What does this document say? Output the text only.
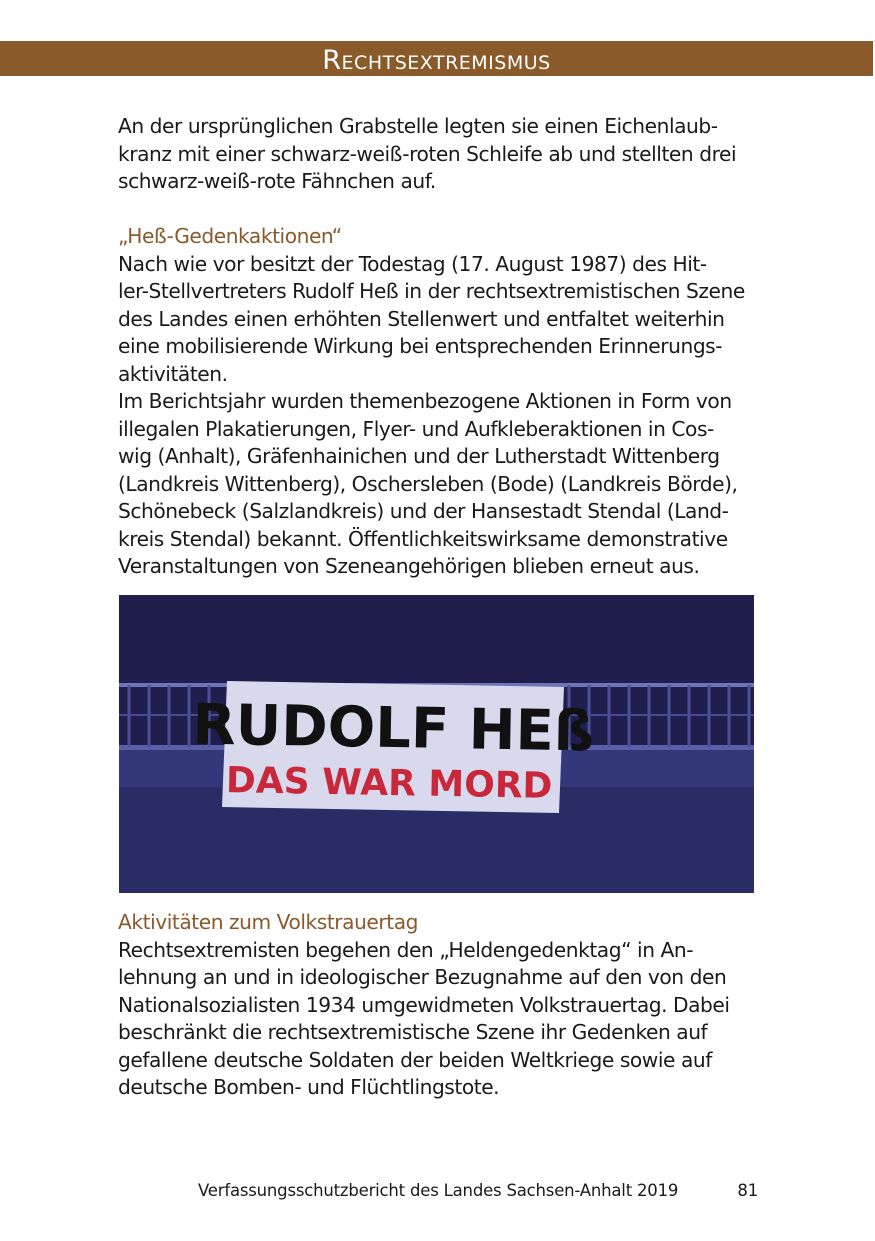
Rechtsextremismus

An der ursprünglichen Grabstelle legten sie einen Eichenlaub-

kranz mit einer schwarz-weiß-roten Schleife ab und stellten drei

schwarz-weiß-rote Fähnchen auf.

„Heß-Gedenkaktionen“

Nach wie vor besitzt der Todestag (17. August 1987) des Hit-

ler-Stellvertreters Rudolf Heß in der rechtsextremistischen Szene

des Landes einen erhöhten Stellenwert und entfaltet weiterhin

eine mobilisierende Wirkung bei entsprechenden Erinnerungs-

aktivitäten.

Im Berichtsjahr wurden themenbezogene Aktionen in Form von

illegalen Plakatierungen, Flyer- und Aufkleberaktionen in Cos-

wig (Anhalt), Gräfenhainichen und der Lutherstadt Wittenberg

(Landkreis Wittenberg), Oschersleben (Bode) (Landkreis Börde),

Schönebeck (Salzlandkreis) und der Hansestadt Stendal (Land-

kreis Stendal) bekannt. Öffentlichkeitswirksame demonstrative

Veranstaltungen von Szeneangehörigen blieben erneut aus.

RUDOLF HEß
DAS WAR MORD

Aktivitäten zum Volkstrauertag

Rechtsextremisten begehen den „Heldengedenktag“ in An-

lehnung an und in ideologischer Bezugnahme auf den von den

Nationalsozialisten 1934 umgewidmeten Volkstrauertag. Dabei

beschränkt die rechtsextremistische Szene ihr Gedenken auf

gefallene deutsche Soldaten der beiden Weltkriege sowie auf

deutsche Bomben- und Flüchtlingstote.

Verfassungsschutzbericht des Landes Sachsen-Anhalt 2019	81
